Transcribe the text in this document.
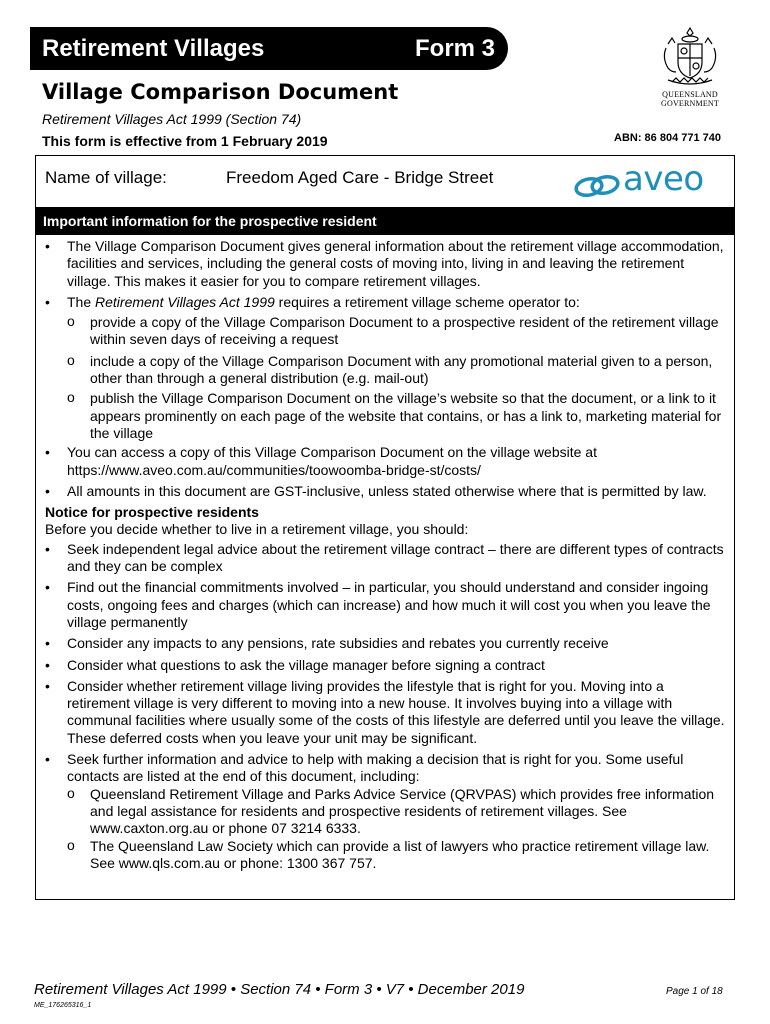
Retirement Villages	Form 3
QUEENSLAND
GOVERNMENT
Village Comparison Document
Retirement Villages Act 1999 (Section 74)
This form is effective from 1 February 2019	ABN: 86 804 771 740
Name of village:	Freedom Aged Care - Bridge Street	aveo
Important information for the prospective resident
• The Village Comparison Document gives general information about the retirement village accommodation, facilities and services, including the general costs of moving into, living in and leaving the retirement village. This makes it easier for you to compare retirement villages.
• The Retirement Villages Act 1999 requires a retirement village scheme operator to:
o provide a copy of the Village Comparison Document to a prospective resident of the retirement village within seven days of receiving a request
o include a copy of the Village Comparison Document with any promotional material given to a person, other than through a general distribution (e.g. mail-out)
o publish the Village Comparison Document on the village’s website so that the document, or a link to it appears prominently on each page of the website that contains, or has a link to, marketing material for the village
• You can access a copy of this Village Comparison Document on the village website at https://www.aveo.com.au/communities/toowoomba-bridge-st/costs/
• All amounts in this document are GST-inclusive, unless stated otherwise where that is permitted by law.
Notice for prospective residents
Before you decide whether to live in a retirement village, you should:
• Seek independent legal advice about the retirement village contract – there are different types of contracts and they can be complex
• Find out the financial commitments involved – in particular, you should understand and consider ingoing costs, ongoing fees and charges (which can increase) and how much it will cost you when you leave the village permanently
• Consider any impacts to any pensions, rate subsidies and rebates you currently receive
• Consider what questions to ask the village manager before signing a contract
• Consider whether retirement village living provides the lifestyle that is right for you. Moving into a retirement village is very different to moving into a new house. It involves buying into a village with communal facilities where usually some of the costs of this lifestyle are deferred until you leave the village. These deferred costs when you leave your unit may be significant.
• Seek further information and advice to help with making a decision that is right for you. Some useful contacts are listed at the end of this document, including:
o Queensland Retirement Village and Parks Advice Service (QRVPAS) which provides free information and legal assistance for residents and prospective residents of retirement villages. See www.caxton.org.au or phone 07 3214 6333.
o The Queensland Law Society which can provide a list of lawyers who practice retirement village law. See www.qls.com.au or phone: 1300 367 757.
Retirement Villages Act 1999 • Section 74 • Form 3 • V7 • December 2019	Page 1 of 18
ME_176265316_1
